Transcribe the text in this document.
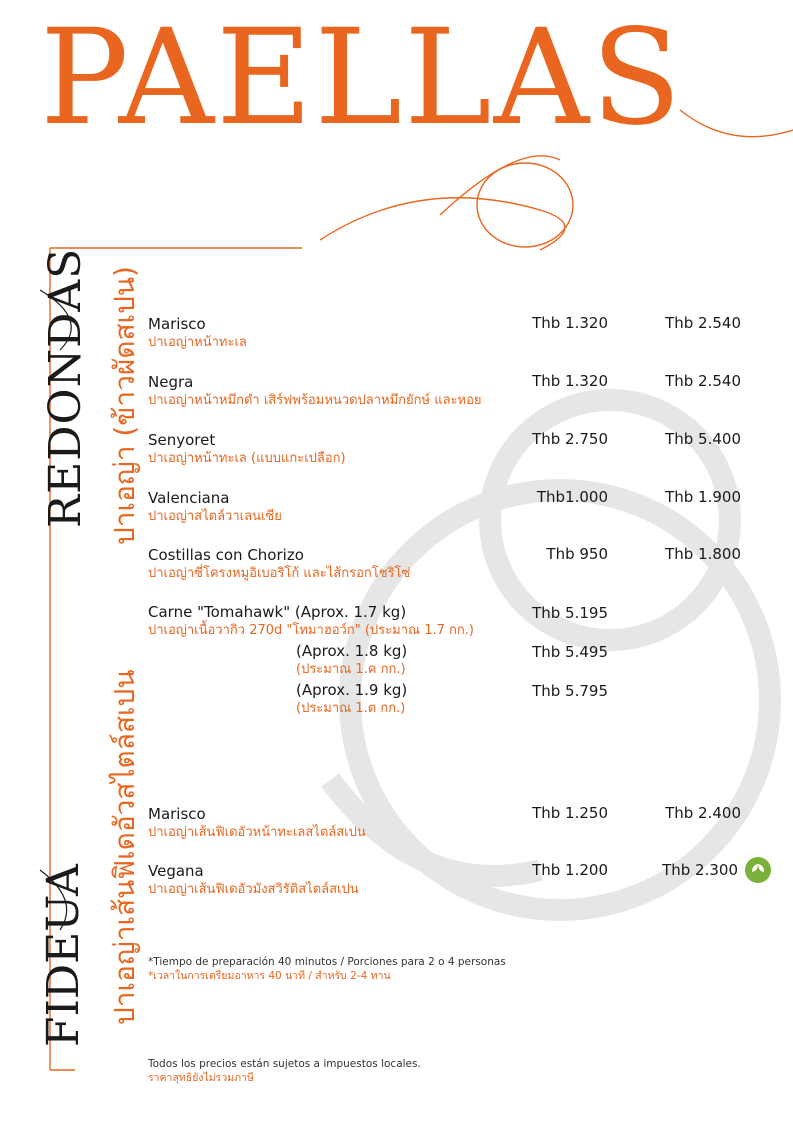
PAELLAS
REDONDAS ปาเอญ่า (ข้าวผัดสเปน)
FIDEUA ปาเอญ่าเส้นฟิเดอัวสไตล์สเปน
Marisco
ปาเอญ่าหน้าทะเล
Thb 1.320	Thb 2.540
Negra
ปาเอญ่าหน้าหมึกดำ เสิร์ฟพร้อมหนวดปลาหมึกยักษ์ และหอย
Thb 1.320	Thb 2.540
Senyoret
ปาเอญ่าหน้าทะเล (แบบแกะเปลือก)
Thb 2.750	Thb 5.400
Valenciana
ปาเอญ่าสไตล์วาเลนเซีย
Thb1.000	Thb 1.900
Costillas con Chorizo
ปาเอญ่าซี่โครงหมูอิเบอริโก้ และไส้กรอกโชริโซ่
Thb 950	Thb 1.800
Carne "Tomahawk" (Aprox. 1.7 kg)
ปาเอญ่าเนื้อวากิว 270d "โทมาฮอว์ก" (ประมาณ 1.7 กก.)
Thb 5.195
(Aprox. 1.8 kg)
(ประมาณ 1.ค กก.)
Thb 5.495
(Aprox. 1.9 kg)
(ประมาณ 1.ต กก.)
Thb 5.795
Marisco
ปาเอญ่าเส้นฟิเดอัวหน้าทะเลสไตล์สเปน
Thb 1.250	Thb 2.400
Vegana
ปาเอญ่าเส้นฟิเดอัวมังสวิรัติสไตล์สเปน
Thb 1.200	Thb 2.300
*Tiempo de preparación 40 minutos / Porciones para 2 o 4 personas
*เวลาในการเตรียมอาหาร 40 นาที / สำหรับ 2-4 ทาน
Todos los precios están sujetos a impuestos locales.
ราคาสุทธิยังไม่รวมภาษี
